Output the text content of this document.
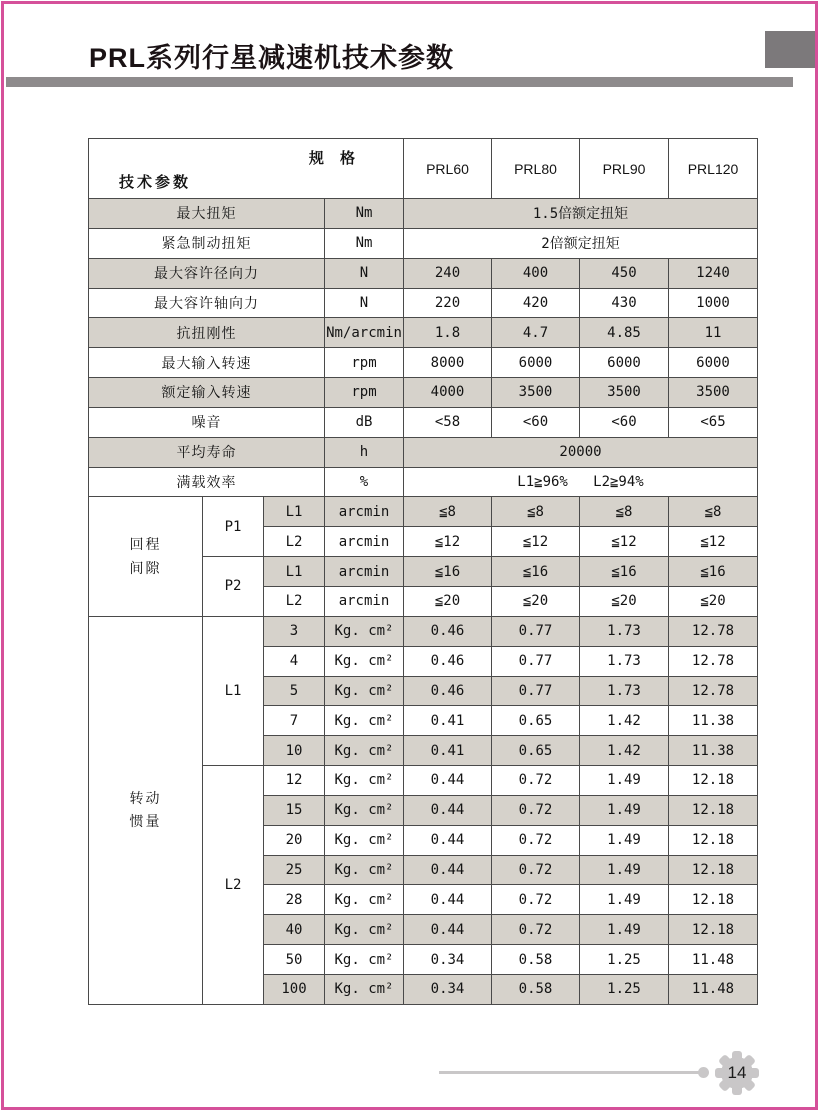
PRL系列行星减速机技术参数
规 格
技术参数				PRL60	PRL80	PRL90	PRL120
最大扭矩			Nm	1.5倍额定扭矩			
紧急制动扭矩			Nm	2倍额定扭矩			
最大容许径向力			N	240	400	450	1240
最大容许轴向力			N	220	420	430	1000
抗扭刚性			Nm/arcmin	1.8	4.7	4.85	11
最大输入转速			rpm	8000	6000	6000	6000
额定输入转速			rpm	4000	3500	3500	3500
噪音			dB	<58	<60	<60	<65
平均寿命			h	20000			
满载效率			%	L1≧96%   L2≧94%			

回程
间隙	P1	L1	arcmin	≦8	≦8	≦8	≦8
		L2	arcmin	≦12	≦12	≦12	≦12
	P2	L1	arcmin	≦16	≦16	≦16	≦16
		L2	arcmin	≦20	≦20	≦20	≦20

转动
惯量	L1	3	Kg. cm²	0.46	0.77	1.73	12.78
		4	Kg. cm²	0.46	0.77	1.73	12.78
		5	Kg. cm²	0.46	0.77	1.73	12.78
		7	Kg. cm²	0.41	0.65	1.42	11.38
		10	Kg. cm²	0.41	0.65	1.42	11.38
	L2	12	Kg. cm²	0.44	0.72	1.49	12.18
		15	Kg. cm²	0.44	0.72	1.49	12.18
		20	Kg. cm²	0.44	0.72	1.49	12.18
		25	Kg. cm²	0.44	0.72	1.49	12.18
		28	Kg. cm²	0.44	0.72	1.49	12.18
		40	Kg. cm²	0.44	0.72	1.49	12.18
		50	Kg. cm²	0.34	0.58	1.25	11.48
		100	Kg. cm²	0.34	0.58	1.25	11.48
14
